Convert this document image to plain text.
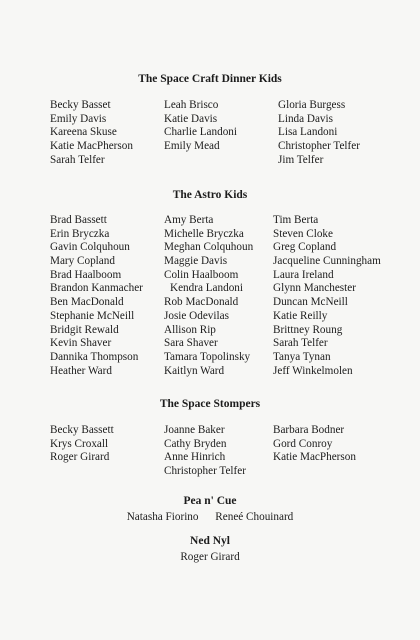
The Space Craft Dinner Kids
Becky Basset
Emily Davis
Kareena Skuse
Katie MacPherson
Sarah Telfer
Leah Brisco
Katie Davis
Charlie Landoni
Emily Mead
Gloria Burgess
Linda Davis
Lisa Landoni
Christopher Telfer
Jim Telfer
The Astro Kids
Brad Bassett
Erin Bryczka
Gavin Colquhoun
Mary Copland
Brad Haalboom
Brandon Kanmacher
Ben MacDonald
Stephanie McNeill
Bridgit Rewald
Kevin Shaver
Dannika Thompson
Heather Ward
Amy Berta
Michelle Bryczka
Meghan Colquhoun
Maggie Davis
Colin Haalboom
Kendra Landoni
Rob MacDonald
Josie Odevilas
Allison Rip
Sara Shaver
Tamara Topolinsky
Kaitlyn Ward
Tim Berta
Steven Cloke
Greg Copland
Jacqueline Cunningham
Laura Ireland
Glynn Manchester
Duncan McNeill
Katie Reilly
Brittney Roung
Sarah Telfer
Tanya Tynan
Jeff Winkelmolen
The Space Stompers
Becky Bassett
Krys Croxall
Roger Girard
Joanne Baker
Cathy Bryden
Anne Hinrich
Christopher Telfer
Barbara Bodner
Gord Conroy
Katie MacPherson
Pea n' Cue
Natasha Fiorino Reneé Chouinard
Ned Nyl
Roger Girard
